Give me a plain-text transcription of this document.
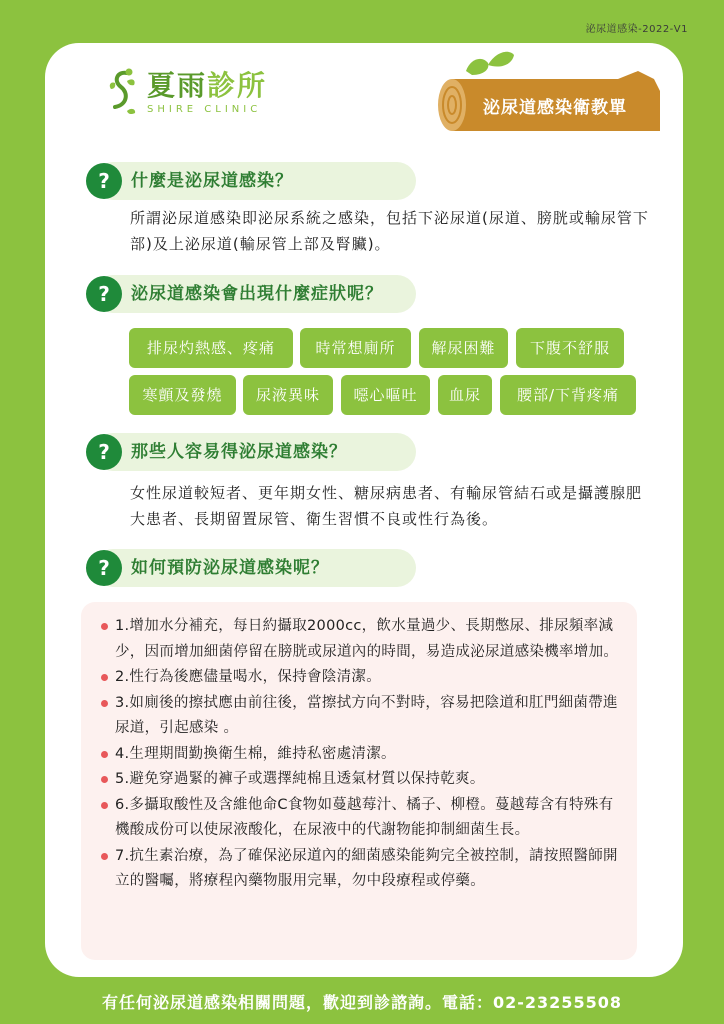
泌尿道感染-2022-V1
夏雨診所
SHIRE CLINIC	泌尿道感染衛教單
?	什麼是泌尿道感染？
所謂泌尿道感染即泌尿系統之感染，包括下泌尿道(尿道、膀胱或輸尿管下部)及上泌尿道(輸尿管上部及腎臟)。
?	泌尿道感染會出現什麼症狀呢？
排尿灼熱感、疼痛	時常想廁所	解尿困難	下腹不舒服
寒顫及發燒	尿液異味	噁心嘔吐	血尿	腰部/下背疼痛
?	那些人容易得泌尿道感染？
女性尿道較短者、更年期女性、糖尿病患者、有輸尿管結石或是攝護腺肥大患者、長期留置尿管、衛生習慣不良或性行為後。
?	如何預防泌尿道感染呢？
1.增加水分補充，每日約攝取2000cc，飲水量過少、長期憋尿、排尿頻率減少，因而增加細菌停留在膀胱或尿道內的時間，易造成泌尿道感染機率增加。
2.性行為後應儘量喝水，保持會陰清潔。
3.如廁後的擦拭應由前往後，當擦拭方向不對時，容易把陰道和肛門細菌帶進尿道，引起感染 。
4.生理期間勤換衛生棉，維持私密處清潔。
5.避免穿過緊的褲子或選擇純棉且透氣材質以保持乾爽。
6.多攝取酸性及含維他命C食物如蔓越莓汁、橘子、柳橙。蔓越莓含有特殊有機酸成份可以使尿液酸化，在尿液中的代謝物能抑制細菌生長。
7.抗生素治療，為了確保泌尿道內的細菌感染能夠完全被控制，請按照醫師開立的醫囑，將療程內藥物服用完畢，勿中段療程或停藥。
有任何泌尿道感染相關問題，歡迎到診諮詢。電話：02-23255508
